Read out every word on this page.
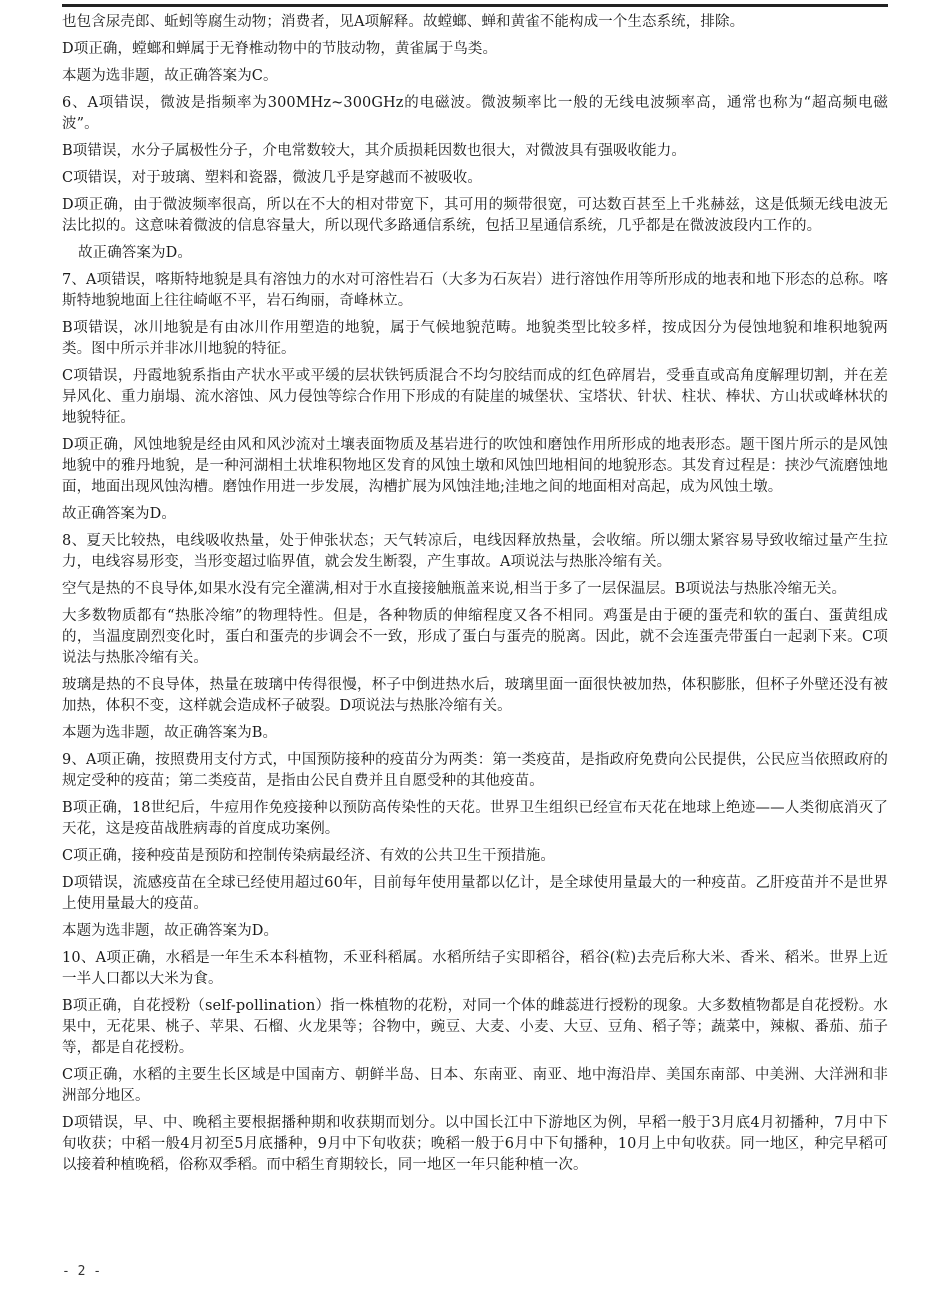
也包含尿壳郎、蚯蚓等腐生动物；消费者，见A项解释。故螳螂、蝉和黄雀不能构成一个生态系统，排除。

D项正确，螳螂和蝉属于无脊椎动物中的节肢动物，黄雀属于鸟类。

本题为选非题，故正确答案为C。

6、A项错误，微波是指频率为300MHz~300GHz的电磁波。微波频率比一般的无线电波频率高，通常也称为“超高频电磁波”。

B项错误，水分子属极性分子，介电常数较大，其介质损耗因数也很大，对微波具有强吸收能力。

C项错误，对于玻璃、塑料和瓷器，微波几乎是穿越而不被吸收。

D项正确，由于微波频率很高，所以在不大的相对带宽下，其可用的频带很宽，可达数百甚至上千兆赫兹，这是低频无线电波无法比拟的。这意味着微波的信息容量大，所以现代多路通信系统，包括卫星通信系统，几乎都是在微波波段内工作的。

故正确答案为D。

7、A项错误，喀斯特地貌是具有溶蚀力的水对可溶性岩石（大多为石灰岩）进行溶蚀作用等所形成的地表和地下形态的总称。喀斯特地貌地面上往往崎岖不平，岩石绚丽，奇峰林立。

B项错误，冰川地貌是有由冰川作用塑造的地貌，属于气候地貌范畴。地貌类型比较多样，按成因分为侵蚀地貌和堆积地貌两类。图中所示并非冰川地貌的特征。

C项错误，丹霞地貌系指由产状水平或平缓的层状铁钙质混合不均匀胶结而成的红色碎屑岩，受垂直或高角度解理切割，并在差异风化、重力崩塌、流水溶蚀、风力侵蚀等综合作用下形成的有陡崖的城堡状、宝塔状、针状、柱状、棒状、方山状或峰林状的地貌特征。

D项正确，风蚀地貌是经由风和风沙流对土壤表面物质及基岩进行的吹蚀和磨蚀作用所形成的地表形态。题干图片所示的是风蚀地貌中的雅丹地貌，是一种河湖相土状堆积物地区发育的风蚀土墩和风蚀凹地相间的地貌形态。其发育过程是：挟沙气流磨蚀地面，地面出现风蚀沟槽。磨蚀作用进一步发展，沟槽扩展为风蚀洼地;洼地之间的地面相对高起，成为风蚀土墩。

故正确答案为D。

8、夏天比较热，电线吸收热量，处于伸张状态；天气转凉后，电线因释放热量，会收缩。所以绷太紧容易导致收缩过量产生拉力，电线容易形变，当形变超过临界值，就会发生断裂，产生事故。A项说法与热胀冷缩有关。

空气是热的不良导体,如果水没有完全灌满,相对于水直接接触瓶盖来说,相当于多了一层保温层。B项说法与热胀冷缩无关。

大多数物质都有“热胀冷缩”的物理特性。但是，各种物质的伸缩程度又各不相同。鸡蛋是由于硬的蛋壳和软的蛋白、蛋黄组成的，当温度剧烈变化时，蛋白和蛋壳的步调会不一致，形成了蛋白与蛋壳的脱离。因此，就不会连蛋壳带蛋白一起剥下来。C项说法与热胀冷缩有关。

玻璃是热的不良导体，热量在玻璃中传得很慢，杯子中倒进热水后，玻璃里面一面很快被加热，体积膨胀，但杯子外壁还没有被加热，体积不变，这样就会造成杯子破裂。D项说法与热胀冷缩有关。

本题为选非题，故正确答案为B。

9、A项正确，按照费用支付方式，中国预防接种的疫苗分为两类：第一类疫苗，是指政府免费向公民提供，公民应当依照政府的规定受种的疫苗；第二类疫苗，是指由公民自费并且自愿受种的其他疫苗。

B项正确，18世纪后，牛痘用作免疫接种以预防高传染性的天花。世界卫生组织已经宣布天花在地球上绝迹——人类彻底消灭了天花，这是疫苗战胜病毒的首度成功案例。

C项正确，接种疫苗是预防和控制传染病最经济、有效的公共卫生干预措施。

D项错误，流感疫苗在全球已经使用超过60年，目前每年使用量都以亿计，是全球使用量最大的一种疫苗。乙肝疫苗并不是世界上使用量最大的疫苗。

本题为选非题，故正确答案为D。

10、A项正确，水稻是一年生禾本科植物，禾亚科稻属。水稻所结子实即稻谷，稻谷(粒)去壳后称大米、香米、稻米。世界上近一半人口都以大米为食。

B项正确，自花授粉（self-pollination）指一株植物的花粉，对同一个体的雌蕊进行授粉的现象。大多数植物都是自花授粉。水果中，无花果、桃子、苹果、石榴、火龙果等；谷物中，豌豆、大麦、小麦、大豆、豆角、稻子等；蔬菜中，辣椒、番茄、茄子等，都是自花授粉。

C项正确，水稻的主要生长区域是中国南方、朝鲜半岛、日本、东南亚、南亚、地中海沿岸、美国东南部、中美洲、大洋洲和非洲部分地区。

D项错误，早、中、晚稻主要根据播种期和收获期而划分。以中国长江中下游地区为例，早稻一般于3月底4月初播种，7月中下旬收获；中稻一般4月初至5月底播种，9月中下旬收获；晚稻一般于6月中下旬播种，10月上中旬收获。同一地区，种完早稻可以接着种植晚稻，俗称双季稻。而中稻生育期较长，同一地区一年只能种植一次。

- 2 -
